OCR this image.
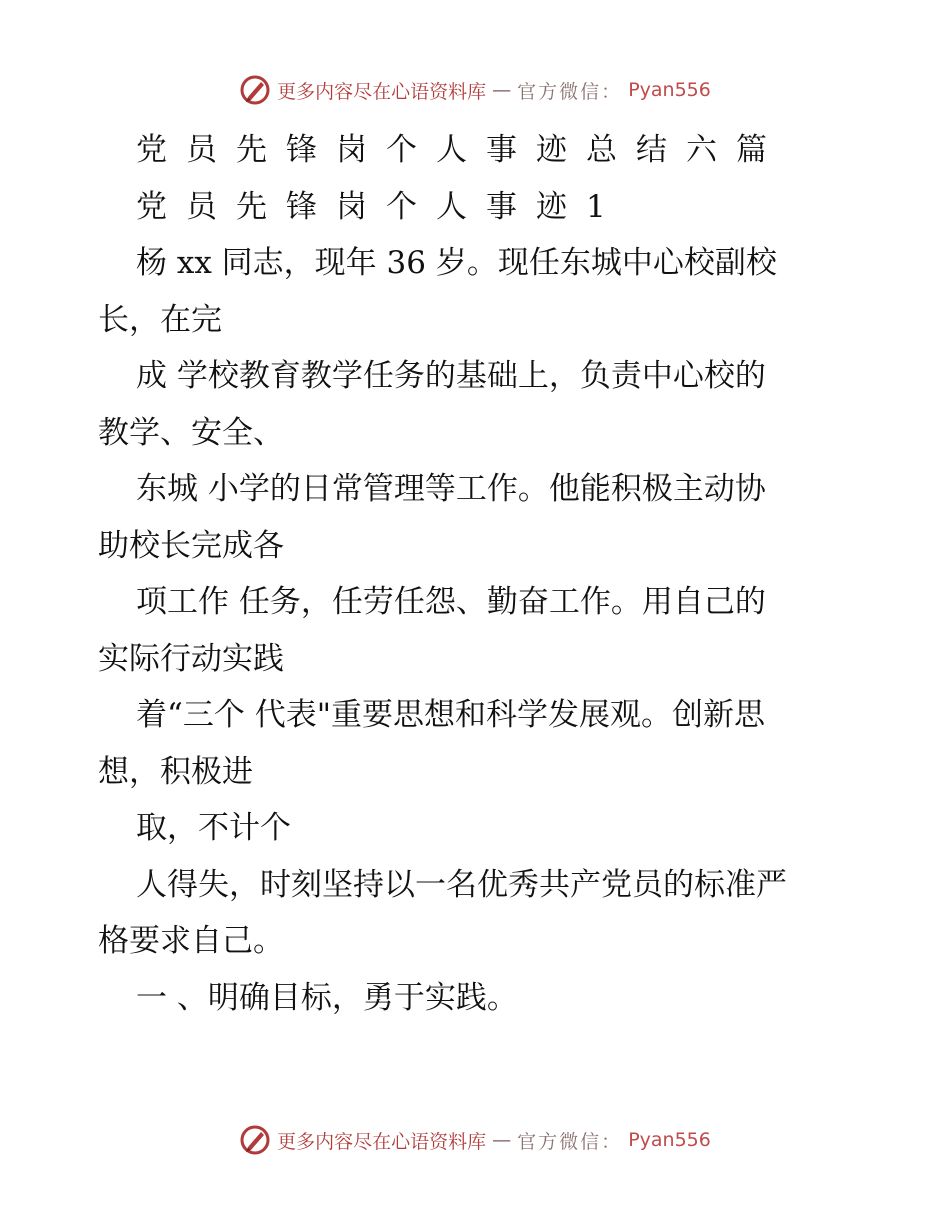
更多内容尽在心语资料库 — 官方微信： Pyan556
党员先锋岗个人事迹总结六篇
党员先锋岗个人事迹1
杨 xx 同志，现年 36 岁。现任东城中心校副校
长，在完
成 学校教育教学任务的基础上，负责中心校的
教学、安全、
东城 小学的日常管理等工作。他能积极主动协
助校长完成各
项工作 任务，任劳任怨、勤奋工作。用自己的
实际行动实践
着“三个 代表"重要思想和科学发展观。创新思
想，积极进
取，不计个
人得失，时刻坚持以一名优秀共产党员的标准严
格要求自己。
一 、明确目标，勇于实践。
更多内容尽在心语资料库 — 官方微信： Pyan556
